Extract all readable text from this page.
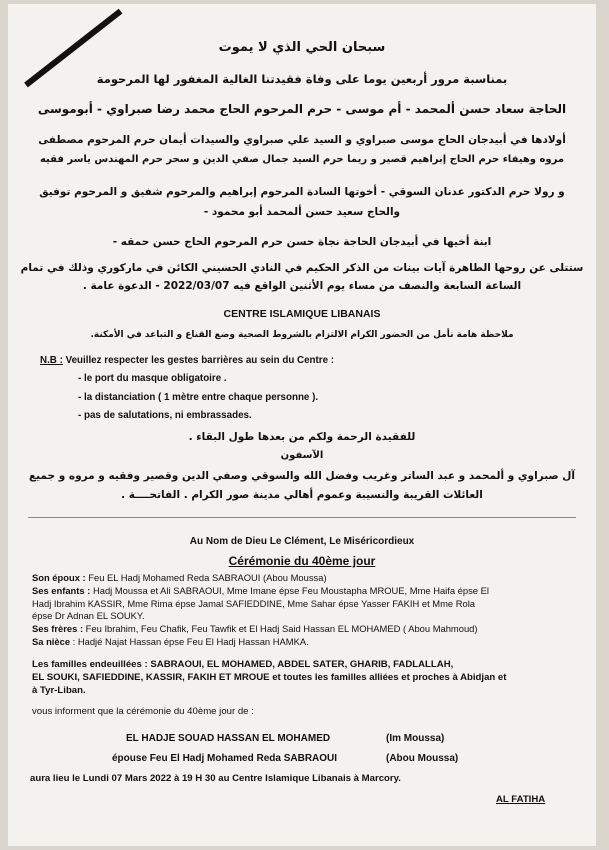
سبحان الحي الذي لا يموت
بمناسبة مرور أربعين يوما على وفاة فقيدتنا الغالية المغفور لها المرحومة
الحاجة سعاد حسن ألمحمد - أم موسى - حرم المرحوم الحاج محمد رضا صبراوي - أبوموسى
أولادها في أبيدجان الحاج موسى صبراوي و السيد علي صبراوي والسيدات أيمان حرم المرحوم مصطفى
مروه وهيفاء حرم الحاج إبراهيم قصير و ريما حرم السيد جمال صفي الدين و سحر حرم المهندس ياسر فقيه
و رولا حرم الدكتور عدنان السوقي - أخوتها السادة المرحوم إبراهيم والمرحوم شفيق و المرحوم توفيق
والحاج سعيد حسن ألمحمد أبو محمود -
ابنة أخيها في أبيدجان الحاجة نجاة حسن حرم المرحوم الحاج حسن حمقه -
ستتلى عن روحها الطاهرة آيات بينات من الذكر الحكيم في النادي الحسيني الكائن في ماركوري وذلك في تمام
الساعة السابعة والنصف من مساء يوم الأثنين الواقع فيه 2022/03/07 - الدعوة عامة .
CENTRE ISLAMIQUE LIBANAIS
ملاحظة هامة نأمل من الحضور الكرام الالتزام بالشروط الصحية وضع القناع و التباعد في الأمكنة.
N.B : Veuillez respecter les gestes barrières au sein du Centre :
- le port du masque obligatoire .
- la distanciation ( 1 mètre entre chaque personne ).
- pas de salutations, ni embrassades.
للفقيدة الرحمة ولكم من بعدها طول البقاء .
الآسفون
آل صبراوي و ألمحمد و عبد الساتر وغريب وفضل الله والسوقي وصفي الدين وقصير وفقيه و مروه و جميع
العائلات القريبة والنسيبة وعموم أهالي مدينة صور الكرام . الفاتحــــة .
Au Nom de Dieu Le Clément, Le Miséricordieux
Cérémonie du 40ème jour
Son époux : Feu EL Hadj Mohamed Reda SABRAOUI (Abou Moussa)
Ses enfants : Hadj Moussa et Ali SABRAOUI, Mme Imane épse Feu Moustapha MROUE, Mme Haifa épse El
Hadj Ibrahim KASSIR, Mme Rima épse Jamal SAFIEDDINE, Mme Sahar épse Yasser FAKIH et Mme Rola
épse Dr Adnan EL SOUKY.
Ses frères : Feu Ibrahim, Feu Chafik, Feu Tawfik et El Hadj Said Hassan EL MOHAMED ( Abou Mahmoud)
Sa nièce : Hadjé Najat Hassan épse Feu El Hadj Hassan HAMKA.
Les familles endeuillées : SABRAOUI, EL MOHAMED, ABDEL SATER, GHARIB, FADLALLAH,
EL SOUKI, SAFIEDDINE, KASSIR, FAKIH ET MROUE et toutes les familles alliées et proches à Abidjan et
à Tyr-Liban.
vous informent que la cérémonie du 40ème jour de :
EL HADJE SOUAD HASSAN EL MOHAMED	(Im Moussa)
épouse Feu El Hadj Mohamed Reda SABRAOUI	(Abou Moussa)
aura lieu le Lundi 07 Mars 2022 à 19 H 30 au Centre Islamique Libanais à Marcory.
AL FATIHA
